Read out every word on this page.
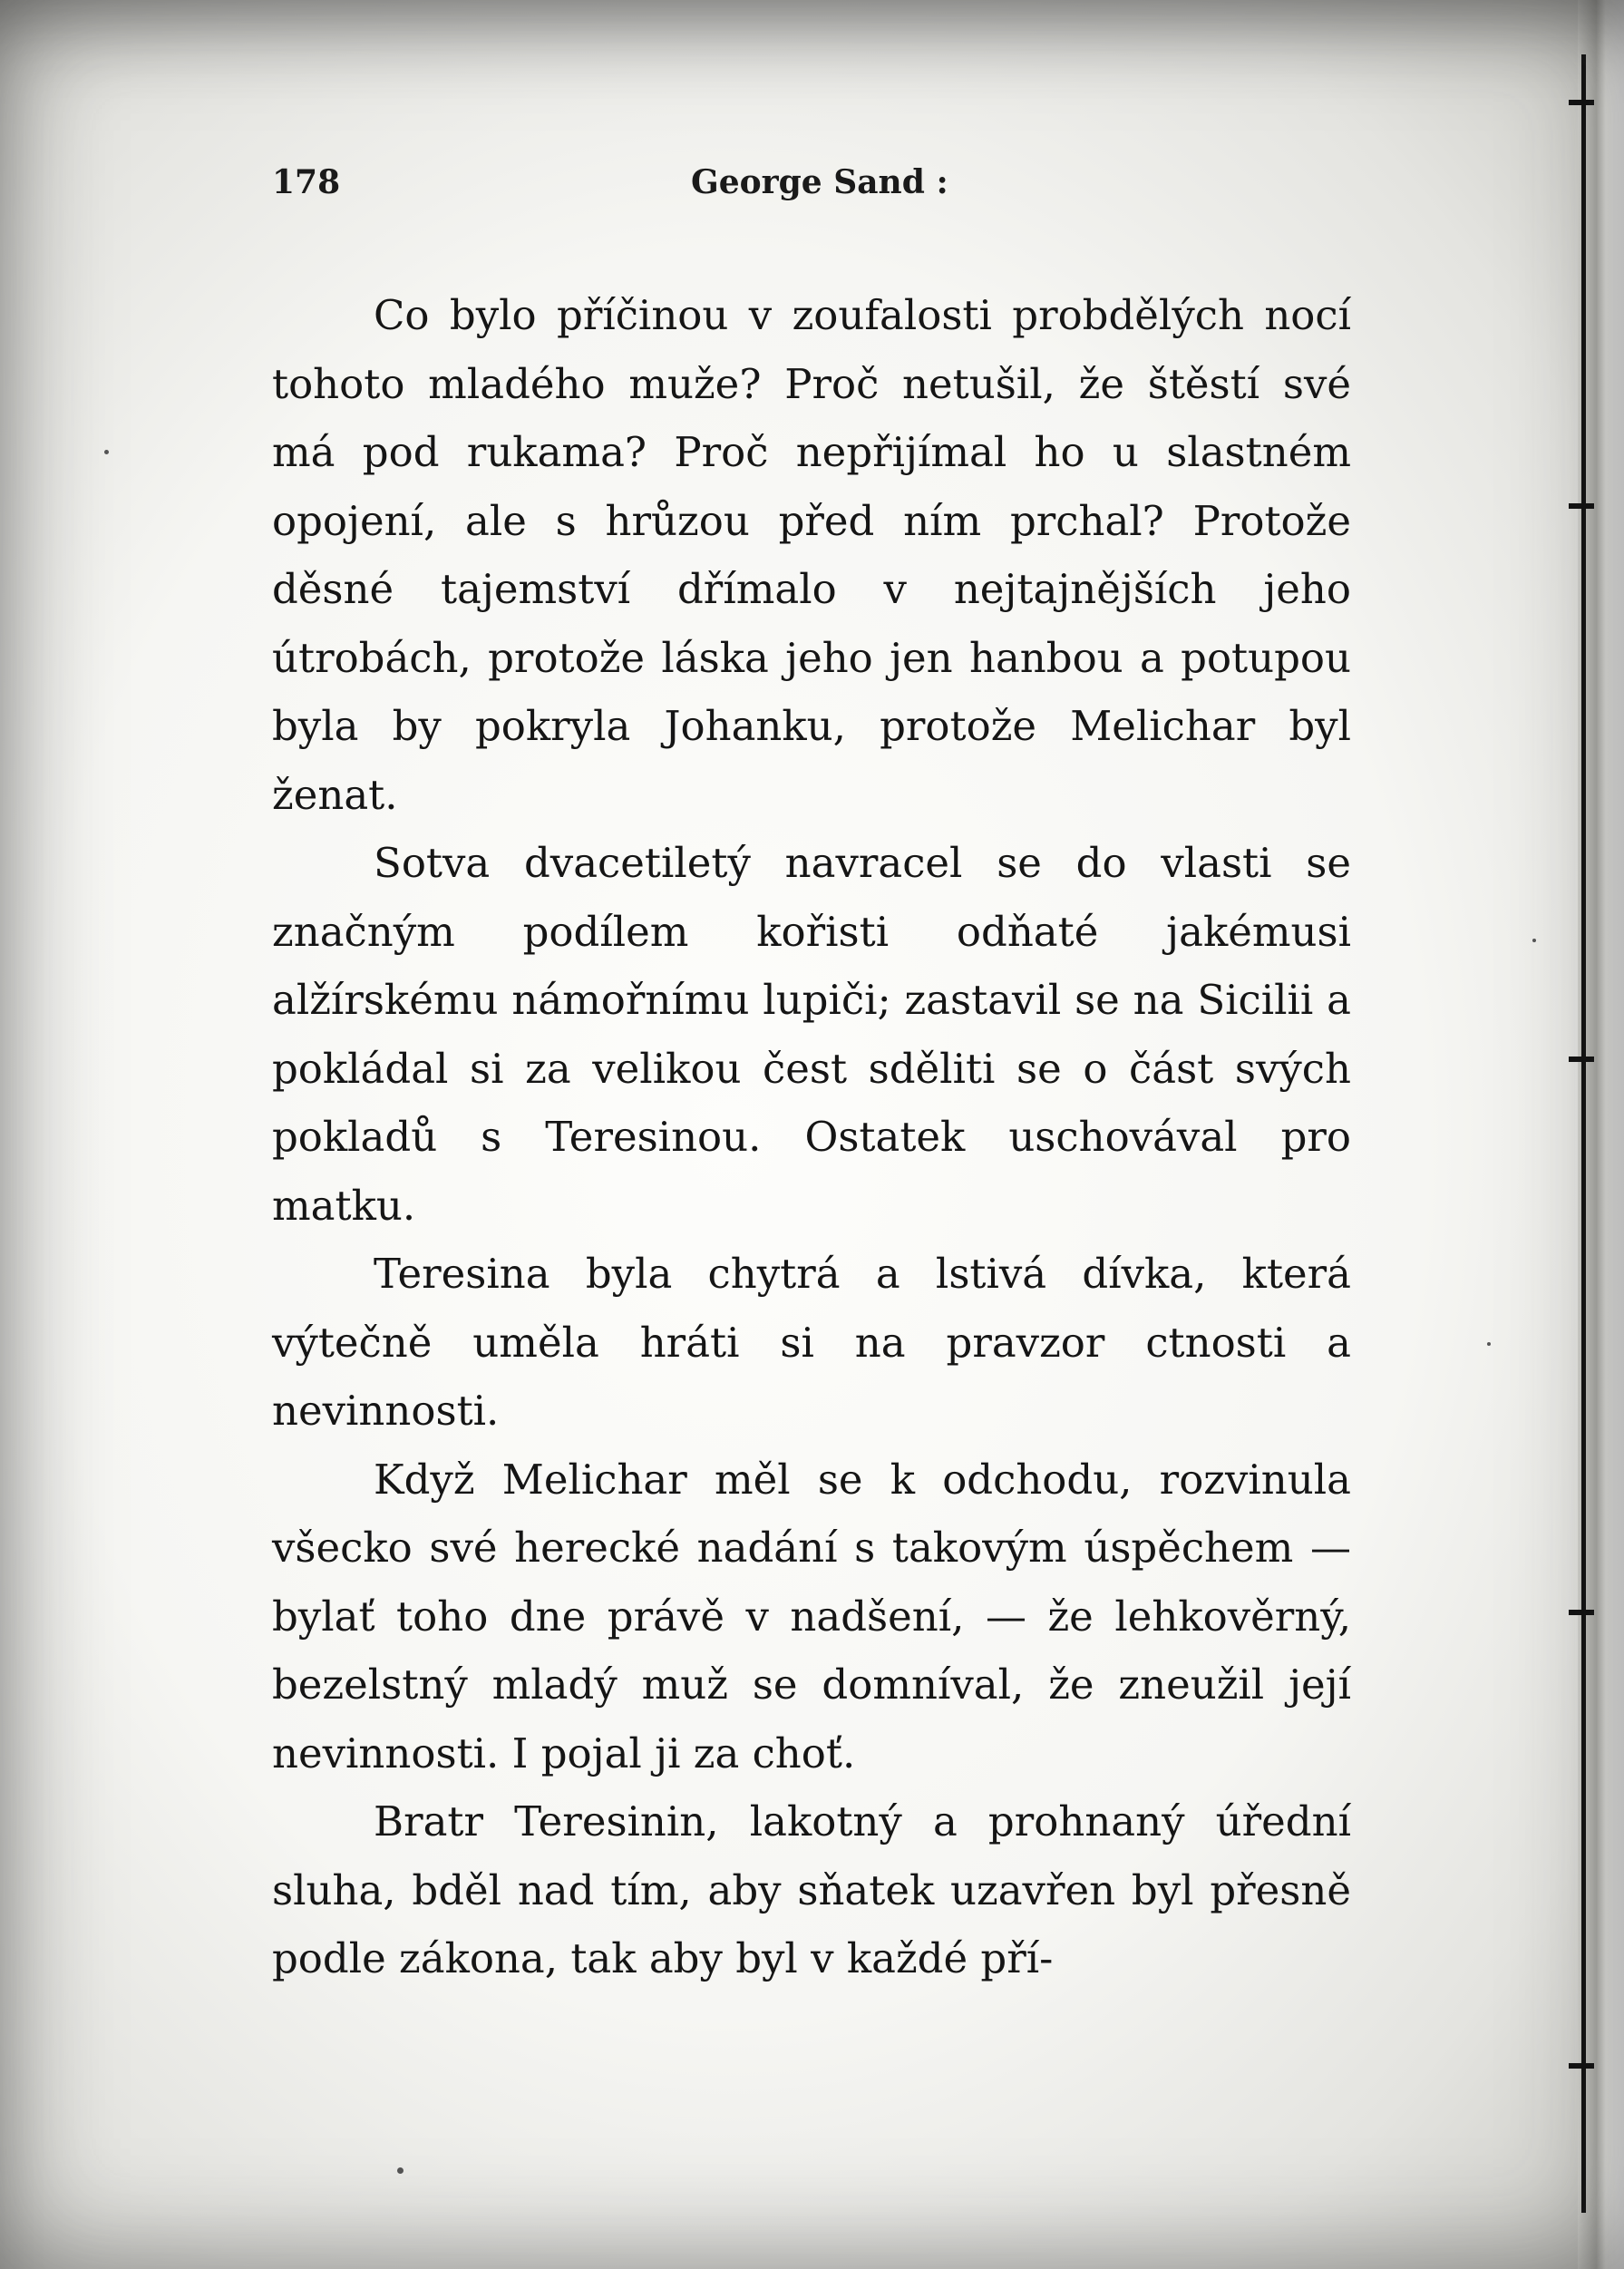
178	George Sand :

Co bylo příčinou v zoufalosti probdělých nocí tohoto mladého muže? Proč netušil, že štěstí své má pod rukama? Proč nepřijímal ho u slastném opojení, ale s hrůzou před ním prchal? Protože děsné tajemství dřímalo v nejtajnějších jeho útrobách, protože láska jeho jen hanbou a potupou byla by pokryla Johanku, protože Melichar byl ženat.

Sotva dvacetiletý navracel se do vlasti se značným podílem kořisti odňaté jakémusi alžírskému námořnímu lupiči; zastavil se na Sicilii a pokládal si za velikou čest sděliti se o část svých pokladů s Teresinou. Ostatek uschovával pro matku.

Teresina byla chytrá a lstivá dívka, která výtečně uměla hráti si na pravzor ctnosti a nevinnosti.

Když Melichar měl se k odchodu, rozvinula všecko své herecké nadání s takovým úspěchem — bylať toho dne právě v nadšení, — že lehkověrný, bezelstný mladý muž se domníval, že zneužil její nevinnosti. I pojal ji za choť.

Bratr Teresinin, lakotný a prohnaný úřední sluha, bděl nad tím, aby sňatek uzavřen byl přesně podle zákona, tak aby byl v každé pří-
